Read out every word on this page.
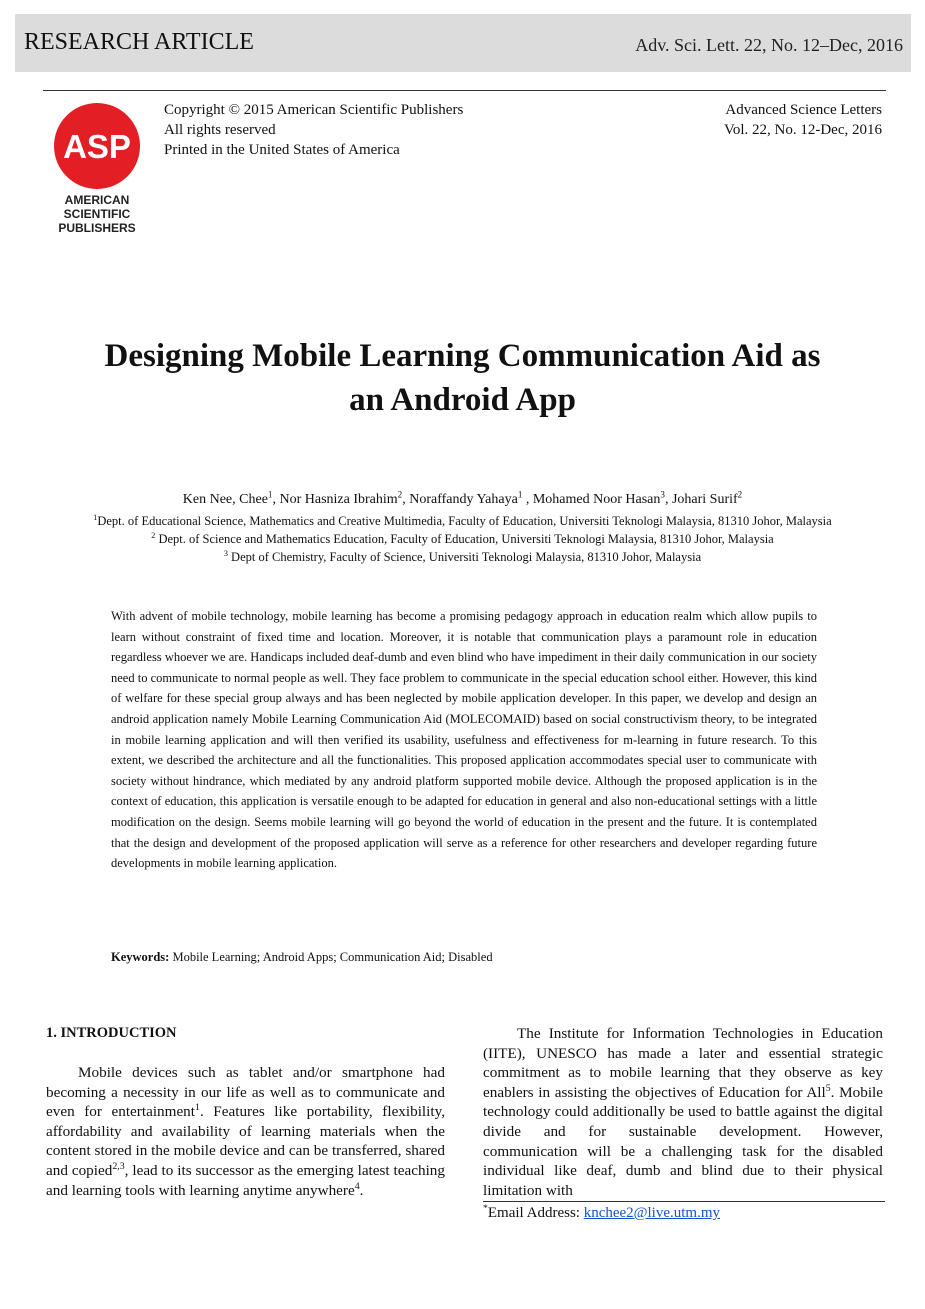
RESEARCH ARTICLE	Adv. Sci. Lett. 22, No. 12–Dec, 2016
ASP
AMERICAN
SCIENTIFIC
PUBLISHERS
Copyright © 2015 American Scientific Publishers
All rights reserved
Printed in the United States of America
Advanced Science Letters
Vol. 22, No. 12-Dec, 2016
Designing Mobile Learning Communication Aid as
an Android App
Ken Nee, Chee$^1$, Nor Hasniza Ibrahim$^2$, Noraffandy Yahaya$^1$ , Mohamed Noor Hasan$^3$, Johari Surif$^2$
$^1$Dept. of Educational Science, Mathematics and Creative Multimedia, Faculty of Education, Universiti Teknologi Malaysia, 81310 Johor, Malaysia
$^2$ Dept. of Science and Mathematics Education, Faculty of Education, Universiti Teknologi Malaysia, 81310 Johor, Malaysia
$^3$ Dept of Chemistry, Faculty of Science, Universiti Teknologi Malaysia, 81310 Johor, Malaysia
With advent of mobile technology, mobile learning has become a promising pedagogy approach in education realm which allow pupils to learn without constraint of fixed time and location. Moreover, it is notable that communication plays a paramount role in education regardless whoever we are. Handicaps included deaf-dumb and even blind who have impediment in their daily communication in our society need to communicate to normal people as well. They face problem to communicate in the special education school either. However, this kind of welfare for these special group always and has been neglected by mobile application developer. In this paper, we develop and design an android application namely Mobile Learning Communication Aid (MOLECOMAID) based on social constructivism theory, to be integrated in mobile learning application and will then verified its usability, usefulness and effectiveness for m-learning in future research. To this extent, we described the architecture and all the functionalities. This proposed application accommodates special user to communicate with society without hindrance, which mediated by any android platform supported mobile device. Although the proposed application is in the context of education, this application is versatile enough to be adapted for education in general and also non-educational settings with a little modification on the design. Seems mobile learning will go beyond the world of education in the present and the future. It is contemplated that the design and development of the proposed application will serve as a reference for other researchers and developer regarding future developments in mobile learning application.
Keywords: Mobile Learning; Android Apps; Communication Aid; Disabled
1. INTRODUCTION
Mobile devices such as tablet and/or smartphone had becoming a necessity in our life as well as to communicate and even for entertainment$^1$. Features like portability, flexibility, affordability and availability of learning materials when the content stored in the mobile device and can be transferred, shared and copied$^{2,3}$, lead to its successor as the emerging latest teaching and learning tools with learning anytime anywhere$^4$.
The Institute for Information Technologies in Education (IITE), UNESCO has made a later and essential strategic commitment as to mobile learning that they observe as key enablers in assisting the objectives of Education for All$^5$. Mobile technology could additionally be used to battle against the digital divide and for sustainable development. However, communication will be a challenging task for the disabled individual like deaf, dumb and blind due to their physical limitation with
*Email Address: knchee2@live.utm.my
